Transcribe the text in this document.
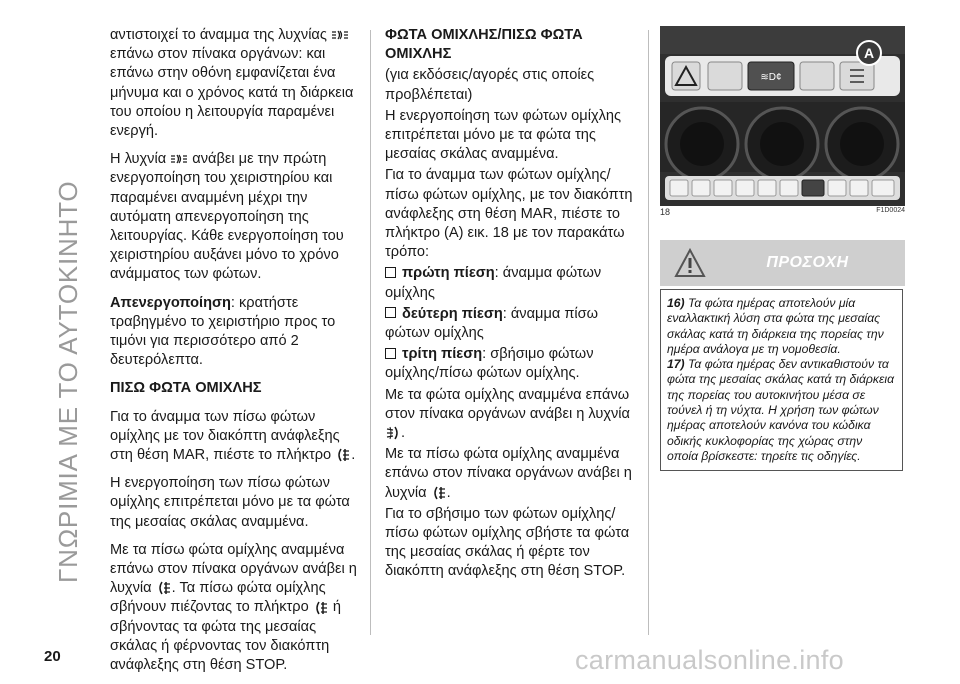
ΓΝΩΡΙΜΙΑ ΜΕ ΤΟ ΑΥΤΟΚΙΝΗΤΟ

αντιστοιχεί το άναμμα της λυχνίας  επάνω στον πίνακα οργάνων: και επάνω στην οθόνη εμφανίζεται ένα μήνυμα και ο χρόνος κατά τη διάρκεια του οποίου η λειτουργία παραμένει ενεργή.

Η λυχνία ανάβει με την πρώτη ενεργοποίηση του χειριστηρίου και παραμένει αναμμένη μέχρι την αυτόματη απενεργοποίηση της λειτουργίας. Κάθε ενεργοποίηση του χειριστηρίου αυξάνει μόνο το χρόνο ανάμματος των φώτων.

Απενεργοποίηση: κρατήστε τραβηγμένο το χειριστήριο προς το τιμόνι για περισσότερο από 2 δευτερόλεπτα.

ΠΙΣΩ ΦΩΤΑ ΟΜΙΧΛΗΣ

Για το άναμμα των πίσω φώτων ομίχλης με τον διακόπτη ανάφλεξης στη θέση MAR, πιέστε το πλήκτρο .

Η ενεργοποίηση των πίσω φώτων ομίχλης επιτρέπεται μόνο με τα φώτα της μεσαίας σκάλας αναμμένα.

Με τα πίσω φώτα ομίχλης αναμμένα επάνω στον πίνακα οργάνων ανάβει η λυχνία . Τα πίσω φώτα ομίχλης σβήνουν πιέζοντας το πλήκτρο ή σβήνοντας τα φώτα της μεσαίας σκάλας ή φέρνοντας τον διακόπτη ανάφλεξης στη θέση STOP.

ΦΩΤΑ ΟΜΙΧΛΗΣ/ΠΙΣΩ ΦΩΤΑ ΟΜΙΧΛΗΣ

(για εκδόσεις/αγορές στις οποίες προβλέπεται)

Η ενεργοποίηση των φώτων ομίχλης επιτρέπεται μόνο με τα φώτα της μεσαίας σκάλας αναμμένα.

Για το άναμμα των φώτων ομίχλης/πίσω φώτων ομίχλης, με τον διακόπτη ανάφλεξης στη θέση MAR, πιέστε το πλήκτρο (A) εικ. 18 με τον παρακάτω τρόπο:

πρώτη πίεση: άναμμα φώτων ομίχλης

δεύτερη πίεση: άναμμα πίσω φώτων ομίχλης

τρίτη πίεση: σβήσιμο φώτων ομίχλης/πίσω φώτων ομίχλης.

Με τα φώτα ομίχλης αναμμένα επάνω στον πίνακα οργάνων ανάβει η λυχνία .

Με τα πίσω φώτα ομίχλης αναμμένα επάνω στον πίνακα οργάνων ανάβει η λυχνία .

Για το σβήσιμο των φώτων ομίχλης/πίσω φώτων ομίχλης σβήστε τα φώτα της μεσαίας σκάλας ή φέρτε τον διακόπτη ανάφλεξης στη θέση STOP.

≋D¢
A
18	F1D0024
ΠΡΟΣΟΧΗ

16) Τα φώτα ημέρας αποτελούν μία εναλλακτική λύση στα φώτα της μεσαίας σκάλας κατά τη διάρκεια της πορείας την ημέρα ανάλογα με τη νομοθεσία.

17) Τα φώτα ημέρας δεν αντικαθιστούν τα φώτα της μεσαίας σκάλας κατά τη διάρκεια της πορείας του αυτοκινήτου μέσα σε τούνελ ή τη νύχτα. Η χρήση των φώτων ημέρας αποτελούν κανόνα του κώδικα οδικής κυκλοφορίας της χώρας στην οποία βρίσκεστε: τηρείτε τις οδηγίες.

20	carmanualsonline.info
